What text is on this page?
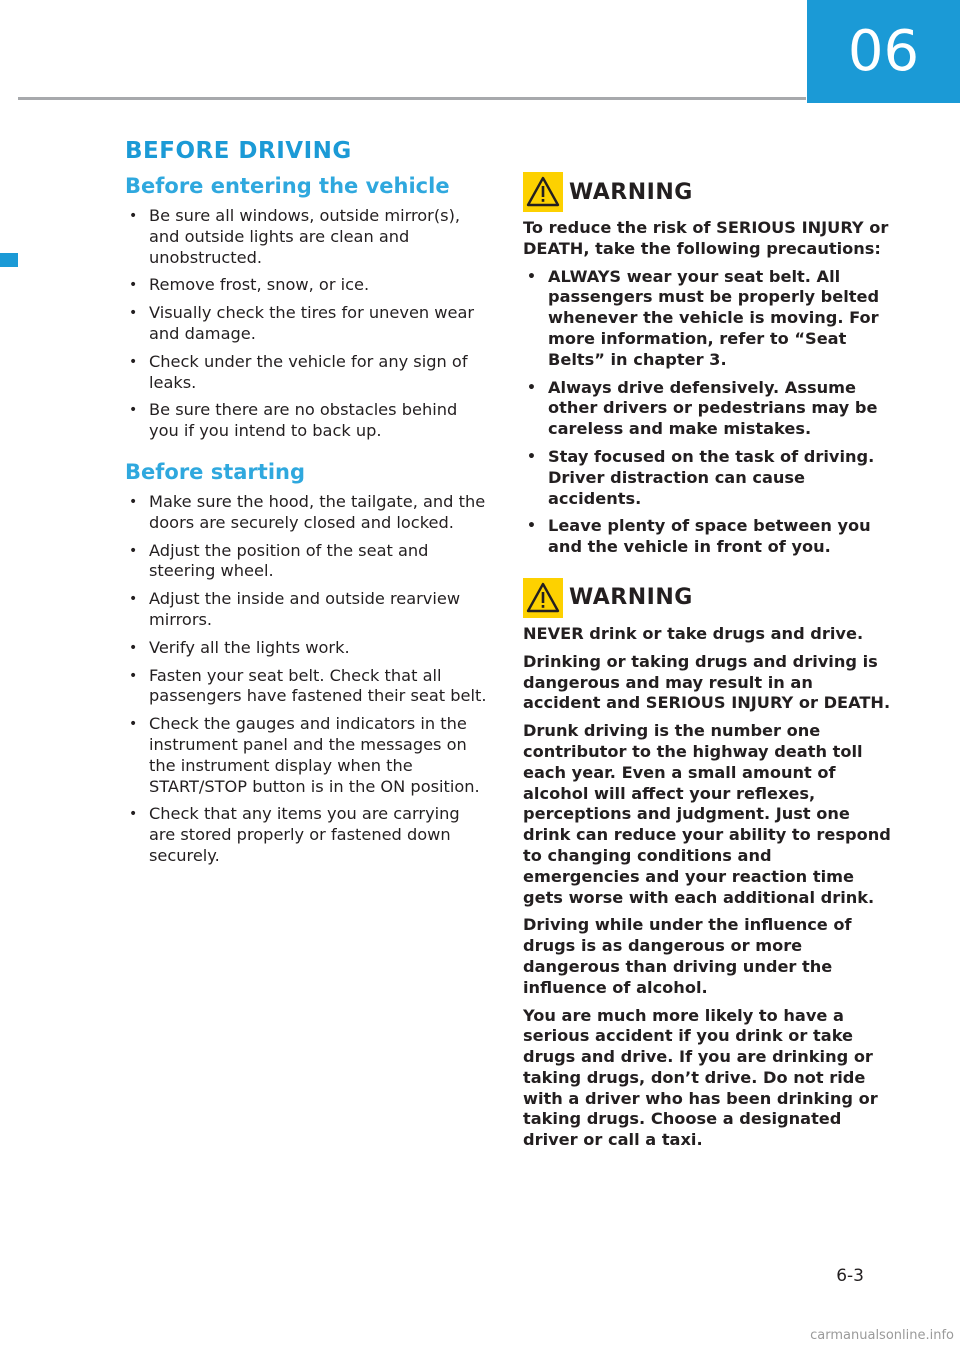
06
BEFORE DRIVING
Before entering the vehicle
• Be sure all windows, outside mirror(s), and outside lights are clean and unobstructed.
• Remove frost, snow, or ice.
• Visually check the tires for uneven wear and damage.
• Check under the vehicle for any sign of leaks.
• Be sure there are no obstacles behind you if you intend to back up.
Before starting
• Make sure the hood, the tailgate, and the doors are securely closed and locked.
• Adjust the position of the seat and steering wheel.
• Adjust the inside and outside rearview mirrors.
• Verify all the lights work.
• Fasten your seat belt. Check that all passengers have fastened their seat belt.
• Check the gauges and indicators in the instrument panel and the messages on the instrument display when the START/STOP button is in the ON position.
• Check that any items you are carrying are stored properly or fastened down securely.
WARNING

To reduce the risk of SERIOUS INJURY or DEATH, take the following precautions:

• ALWAYS wear your seat belt. All passengers must be properly belted whenever the vehicle is moving. For more information, refer to “Seat Belts” in chapter 3.
• Always drive defensively. Assume other drivers or pedestrians may be careless and make mistakes.
• Stay focused on the task of driving. Driver distraction can cause accidents.
• Leave plenty of space between you and the vehicle in front of you.
WARNING

NEVER drink or take drugs and drive.

Drinking or taking drugs and driving is dangerous and may result in an accident and SERIOUS INJURY or DEATH.

Drunk driving is the number one contributor to the highway death toll each year. Even a small amount of alcohol will affect your reflexes, perceptions and judgment. Just one drink can reduce your ability to respond to changing conditions and emergencies and your reaction time gets worse with each additional drink.

Driving while under the influence of drugs is as dangerous or more dangerous than driving under the influence of alcohol.

You are much more likely to have a serious accident if you drink or take drugs and drive. If you are drinking or taking drugs, don’t drive. Do not ride with a driver who has been drinking or taking drugs. Choose a designated driver or call a taxi.

6-3
carmanualsonline.info
